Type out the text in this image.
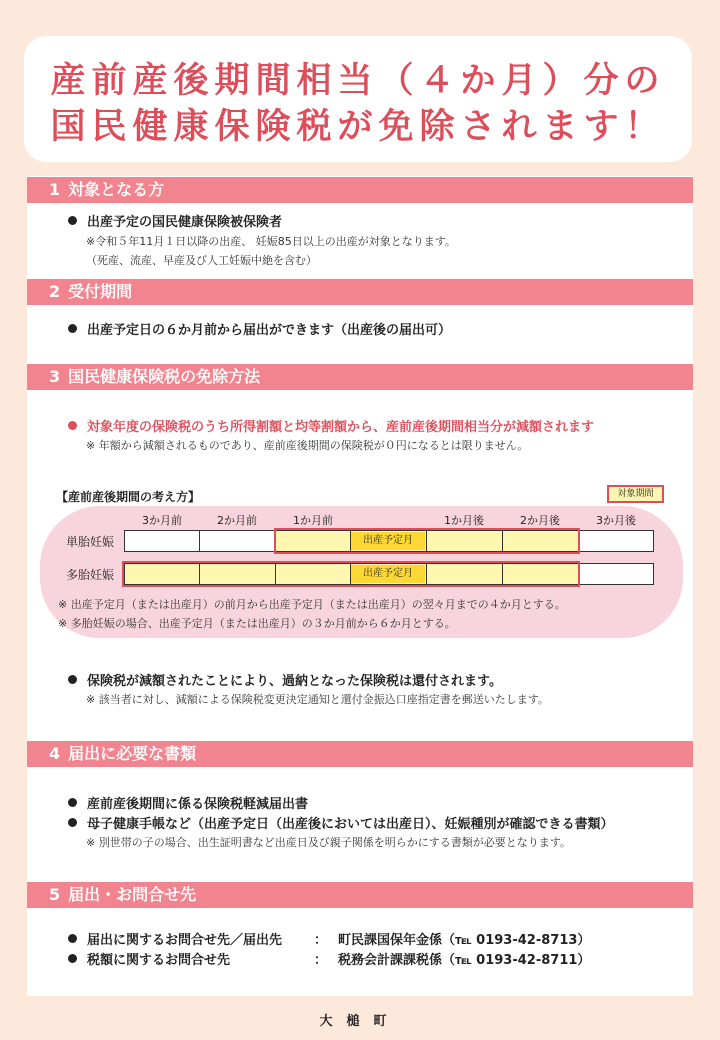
産前産後期間相当（４か月）分の
国民健康保険税が免除されます！
1 対象となる方
出産予定の国民健康保険被保険者
※令和５年11月１日以降の出産、 妊娠85日以上の出産が対象となります。
（死産、流産、早産及び人工妊娠中絶を含む）
2 受付期間
出産予定日の６か月前から届出ができます（出産後の届出可）
3 国民健康保険税の免除方法
対象年度の保険税のうち所得割額と均等割額から、産前産後期間相当分が減額されます
※ 年額から減額されるものであり、産前産後期間の保険税が０円になるとは限りません。
【産前産後期間の考え方】	対象期間
3か月前	2か月前	1か月前	1か月後	2か月後	3か月後
単胎妊娠
多胎妊娠
出産予定月
出産予定月
※ 出産予定月（または出産月）の前月から出産予定月（または出産月）の翌々月までの４か月とする。
※ 多胎妊娠の場合、出産予定月（または出産月）の３か月前から６か月とする。
保険税が減額されたことにより、過納となった保険税は還付されます。
※ 該当者に対し、減額による保険税変更決定通知と還付金振込口座指定書を郵送いたします。
4 届出に必要な書類
産前産後期間に係る保険税軽減届出書
母子健康手帳など（出産予定日（出産後においては出産日）、妊娠種別が確認できる書類）
※ 別世帯の子の場合、出生証明書など出産日及び親子関係を明らかにする書類が必要となります。
5 届出・お問合せ先
届出に関するお問合せ先／届出先 ： 町民課国保年金係（℡ 0193-42-8713）
税額に関するお問合せ先	： 税務会計課課税係（℡ 0193-42-8711）
大槌町
